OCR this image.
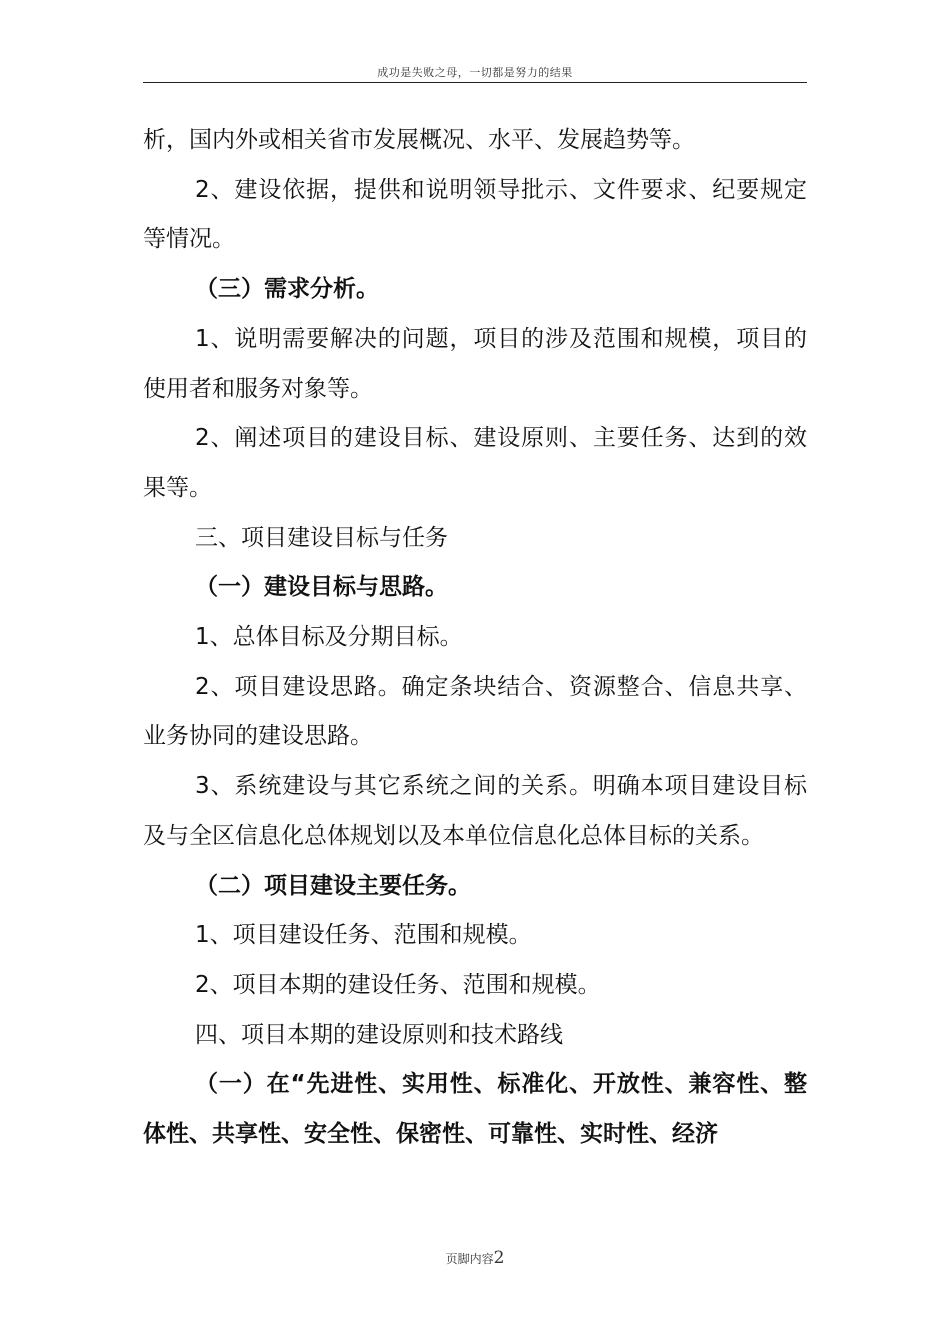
成功是失败之母，一切都是努力的结果

析，国内外或相关省市发展概况、水平、发展趋势等。

2、建设依据，提供和说明领导批示、文件要求、纪要规定等情况。

（三）需求分析。

1、说明需要解决的问题，项目的涉及范围和规模，项目的使用者和服务对象等。

2、阐述项目的建设目标、建设原则、主要任务、达到的效果等。

三、项目建设目标与任务

（一）建设目标与思路。

1、总体目标及分期目标。

2、项目建设思路。确定条块结合、资源整合、信息共享、业务协同的建设思路。

3、系统建设与其它系统之间的关系。明确本项目建设目标及与全区信息化总体规划以及本单位信息化总体目标的关系。

（二）项目建设主要任务。

1、项目建设任务、范围和规模。

2、项目本期的建设任务、范围和规模。

四、项目本期的建设原则和技术路线

（一）在“先进性、实用性、标准化、开放性、兼容性、整体性、共享性、安全性、保密性、可靠性、实时性、经济

页脚内容2
